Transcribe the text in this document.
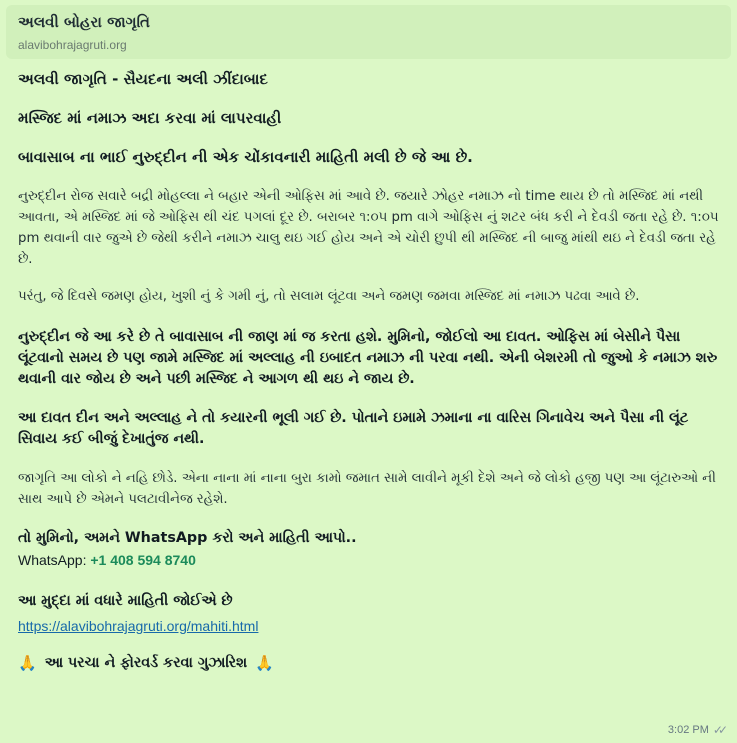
અલવી બોહરા જાગૃતિ
alavibohrajagruti.org

અલવી જાગૃતિ - સૈયદના અલી ઝીંદાબાદ

મસ્જિદ માં નમાઝ અદા કરવા માં લાપરવાહી

બાવાસાબ ના ભાઈ નુરુદ્દીન ની એક ચોંકાવનારી માહિતી મલી છે જે આ છે.

નુરુદ્દીન રોજ સવારે બદ્રી મોહલ્લા ને બહાર એની ઓફિસ માં આવે છે. જયારે ઝોહર નમાઝ નો time થાય છે તો મસ્જિદ માં નથી આવતા, એ મસ્જિદ માં જે ઓફિસ થી ચંદ પગલાં દૂર છે. બરાબર ૧:૦૫ pm વાગે ઓફિસ નું શટર બંધ કરી ને દેવડી જતા રહે છે. ૧:૦૫ pm થવાની વાર જુએ છે જેથી કરીને નમાઝ ચાલુ થઇ ગઈ હોય અને એ ચોરી છુપી થી મસ્જિદ ની બાજુ માંથી થઇ ને દેવડી જતા રહે છે.

પરંતુ, જે દિવસે જમણ હોય, ખુશી નું કે ગમી નું, તો સલામ લૂંટવા અને જમણ જમવા મસ્જિદ માં નમાઝ પઢવા આવે છે.

નુરુદ્દીન જે આ કરે છે તે બાવાસાબ ની જાણ માં જ કરતા હશે. મુમિનો, જોઈલો આ દાવત. ઓફિસ માં બેસીને પૈસા લૂંટવાનો સમય છે પણ જામે મસ્જિદ માં અલ્લાહ ની ઇબાદત નમાઝ ની પરવા નથી. એની બેશરમી તો જુઓ કે નમાઝ શરુ થવાની વાર જોય છે અને પછી મસ્જિદ ને આગળ થી થઇ ને જાય છે.

આ દાવત દીન અને અલ્લાહ ને તો કયારની ભૂલી ગઈ છે. પોતાને ઇમામે ઝમાના ના વારિસ ગિનાવેચ અને પૈસા ની લૂંટ સિવાય કઈ બીજું દેખાતુંજ નથી.

જાગૃતિ આ લોકો ને નહિ છોડે. એના નાના માં નાના બુરા કામો જમાત સામે લાવીને મૂકી દેશે અને જે લોકો હજી પણ આ લૂંટારુઓ ની સાથ આપે છે એમને પલટાવીનેજ રહેશે.

તો મુમિનો, અમને WhatsApp કરો અને માહિતી આપો..

WhatsApp: +1 408 594 8740

આ મુદ્દા માં વધારે માહિતી જોઈએ છે

https://alavibohrajagruti.org/mahiti.html

🙏 આ પરચા ને ફોરવર્ડ કરવા ગુઝારિશ 🙏

3:02 PM ✓✓
